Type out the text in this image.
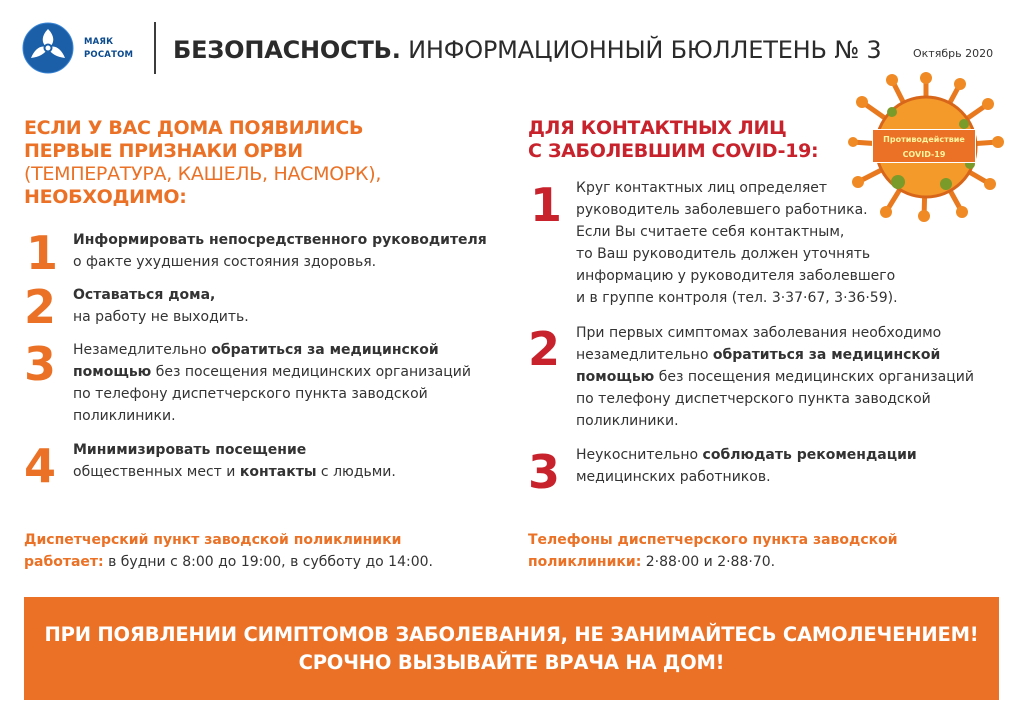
МАЯК
РОСАТОМ БЕЗОПАСНОСТЬ. ИНФОРМАЦИОННЫЙ БЮЛЛЕТЕНЬ № 3	Октябрь 2020
ЕСЛИ У ВАС ДОМА ПОЯВИЛИСЬ
ПЕРВЫЕ ПРИЗНАКИ ОРВИ
(ТЕМПЕРАТУРА, КАШЕЛЬ, НАСМОРК),
НЕОБХОДИМО:
1 Информировать непосредственного руководителя
о факте ухудшения состояния здоровья.
2 Оставаться дома,
на работу не выходить.
3 Незамедлительно обратиться за медицинской
помощью без посещения медицинских организаций
по телефону диспетчерского пункта заводской
поликлиники.
4 Минимизировать посещение
общественных мест и контакты с людьми.
Диспетчерский пункт заводской поликлиники
работает: в будни с 8:00 до 19:00, в субботу до 14:00.
ДЛЯ КОНТАКТНЫХ ЛИЦ
С ЗАБОЛЕВШИМ COVID-19:
Противодействие
COVID-19
1 Круг контактных лиц определяет
руководитель заболевшего работника.
Если Вы считаете себя контактным,
то Ваш руководитель должен уточнять
информацию у руководителя заболевшего
и в группе контроля (тел. 3·37·67, 3·36·59).
2 При первых симптомах заболевания необходимо
незамедлительно обратиться за медицинской
помощью без посещения медицинских организаций
по телефону диспетчерского пункта заводской
поликлиники.
3 Неукоснительно соблюдать рекомендации
медицинских работников.
Телефоны диспетчерского пункта заводской
поликлиники: 2·88·00 и 2·88·70.
ПРИ ПОЯВЛЕНИИ СИМПТОМОВ ЗАБОЛЕВАНИЯ, НЕ ЗАНИМАЙТЕСЬ САМОЛЕЧЕНИЕМ!
СРОЧНО ВЫЗЫВАЙТЕ ВРАЧА НА ДОМ!
